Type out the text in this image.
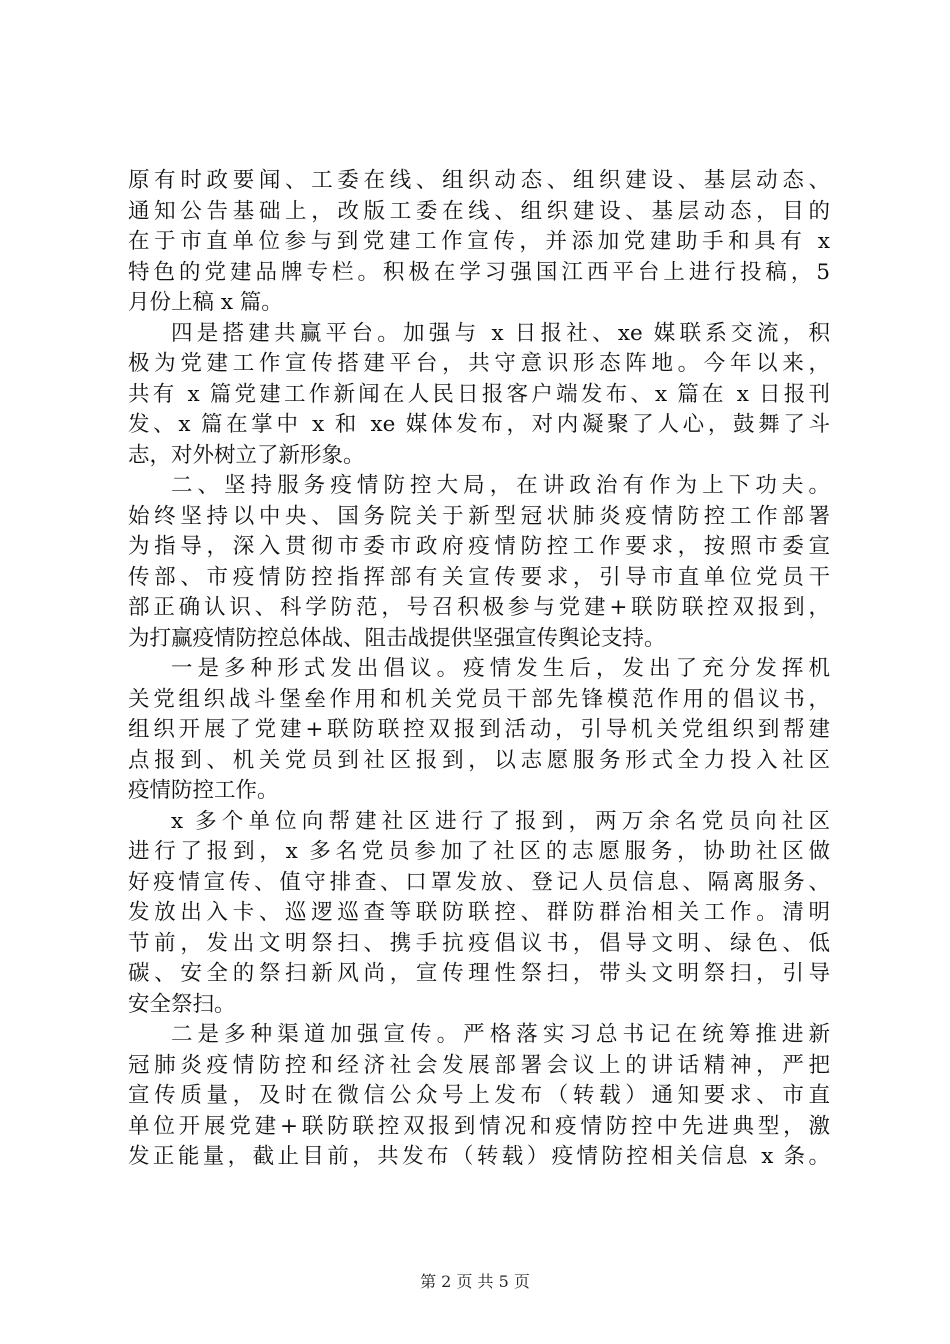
原有时政要闻、工委在线、组织动态、组织建设、基层动态、
通知公告基础上，改版工委在线、组织建设、基层动态，目的
在于市直单位参与到党建工作宣传，并添加党建助手和具有 x
特色的党建品牌专栏。积极在学习强国江西平台上进行投稿，5
月份上稿 x 篇。
四是搭建共赢平台。加强与 x 日报社、xe 媒联系交流，积
极为党建工作宣传搭建平台，共守意识形态阵地。今年以来，
共有 x 篇党建工作新闻在人民日报客户端发布、x 篇在 x 日报刊
发、x 篇在掌中 x 和 xe 媒体发布，对内凝聚了人心，鼓舞了斗
志，对外树立了新形象。
二、坚持服务疫情防控大局，在讲政治有作为上下功夫。
始终坚持以中央、国务院关于新型冠状肺炎疫情防控工作部署
为指导，深入贯彻市委市政府疫情防控工作要求，按照市委宣
传部、市疫情防控指挥部有关宣传要求，引导市直单位党员干
部正确认识、科学防范，号召积极参与党建+联防联控双报到，
为打赢疫情防控总体战、阻击战提供坚强宣传舆论支持。
一是多种形式发出倡议。疫情发生后，发出了充分发挥机
关党组织战斗堡垒作用和机关党员干部先锋模范作用的倡议书，
组织开展了党建+联防联控双报到活动，引导机关党组织到帮建
点报到、机关党员到社区报到，以志愿服务形式全力投入社区
疫情防控工作。
x 多个单位向帮建社区进行了报到，两万余名党员向社区
进行了报到，x 多名党员参加了社区的志愿服务，协助社区做
好疫情宣传、值守排查、口罩发放、登记人员信息、隔离服务、
发放出入卡、巡逻巡查等联防联控、群防群治相关工作。清明
节前，发出文明祭扫、携手抗疫倡议书，倡导文明、绿色、低
碳、安全的祭扫新风尚，宣传理性祭扫，带头文明祭扫，引导
安全祭扫。
二是多种渠道加强宣传。严格落实习总书记在统筹推进新
冠肺炎疫情防控和经济社会发展部署会议上的讲话精神，严把
宣传质量，及时在微信公众号上发布（转载）通知要求、市直
单位开展党建+联防联控双报到情况和疫情防控中先进典型，激
发正能量，截止目前，共发布（转载）疫情防控相关信息 x 条。
第 2 页 共 5 页
